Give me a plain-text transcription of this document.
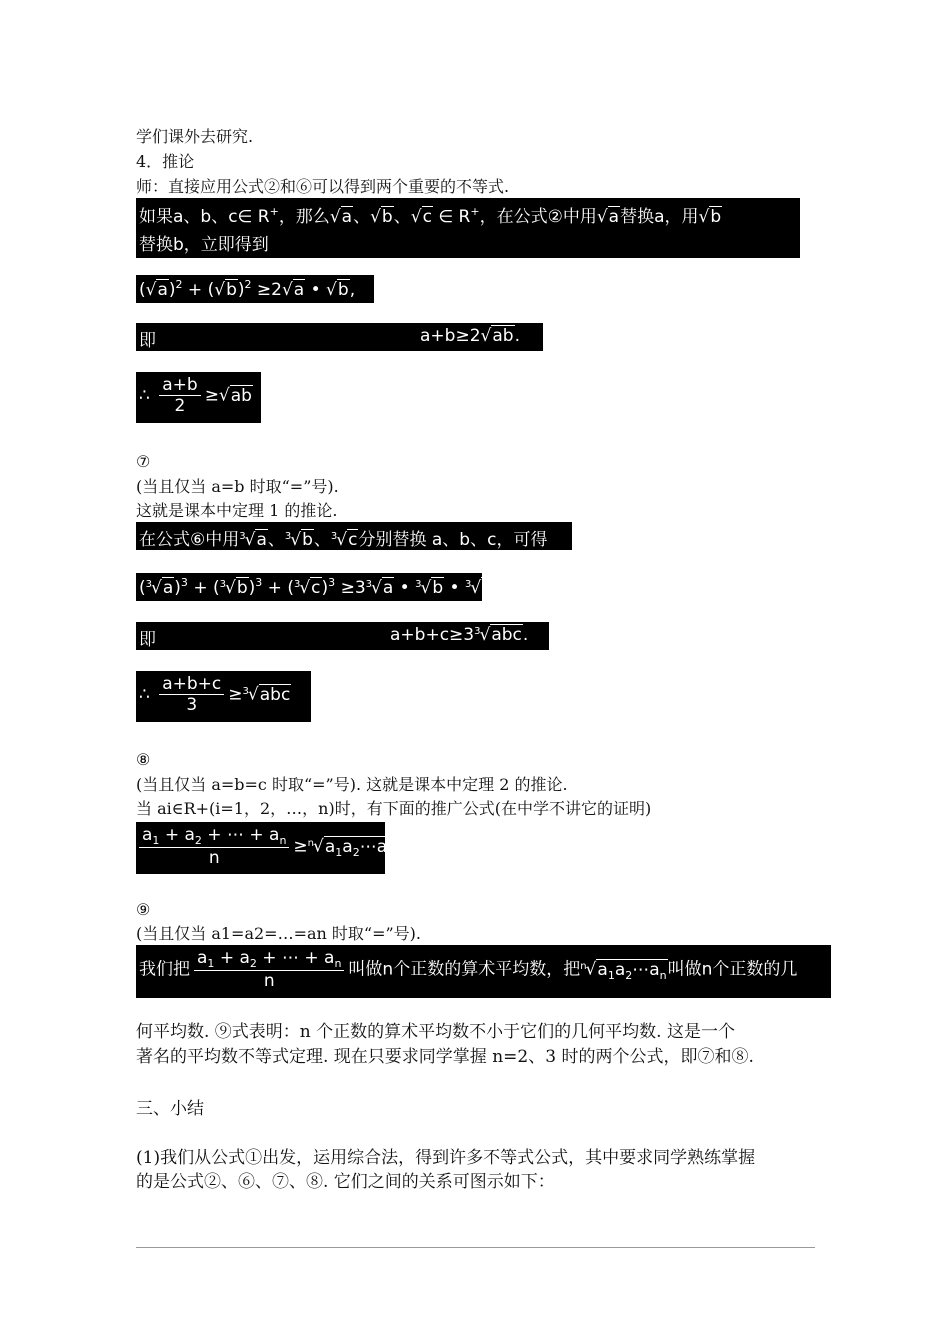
学们课外去研究.
4．推论
师：直接应用公式②和⑥可以得到两个重要的不等式.
如果a、b、c∈ R+，那么√a、√b、√c ∈ R+，在公式②中用√a替换a，用√b
替换b，立即得到
$(√a)^2 + (√b)^2 \ge 2√a$ • √b,
即	a+b≥2√ab.
∴ $\frac{a+b}{2} \ge√ab$
⑦
(当且仅当 a=b 时取“=”号).
这就是课本中定理 1 的推论.
在公式⑥中用$^3$√a、$^3$√b、$^3$√c分别替换 a、b、c，可得
$(^3√a)^3 + (^3√b)^3 + (^3√c)^3 \ge 3^3√a$ • $^3$√b • $^3$√c,
即	$a+b+c\ge 3^3√abc$.
∴ $\frac{a+b+c}{3} \ge^3√abc$
⑧
(当且仅当 a=b=c 时取“=”号). 这就是课本中定理 2 的推论.
当 ai∈R+(i=1，2，…，n)时，有下面的推广公式(在中学不讲它的证明)
$\frac{a_1 + a_2 + \cdots + a_n}{n}$ $\ge^n√a_1a_2\cdots a_n$
⑨
(当且仅当 a1=a2=…=an 时取“=”号).
我们把 $\frac{a_1 + a_2 + \cdots + a_n}{n}$ 叫做n个正数的算术平均数，把$^n√a_1a_2\cdots a_n$叫做n个正数的几
何平均数. ⑨式表明：n 个正数的算术平均数不小于它们的几何平均数. 这是一个
著名的平均数不等式定理. 现在只要求同学掌握 n=2、3 时的两个公式，即⑦和⑧.
三、小结
(1)我们从公式①出发，运用综合法，得到许多不等式公式，其中要求同学熟练掌握
的是公式②、⑥、⑦、⑧. 它们之间的关系可图示如下：
